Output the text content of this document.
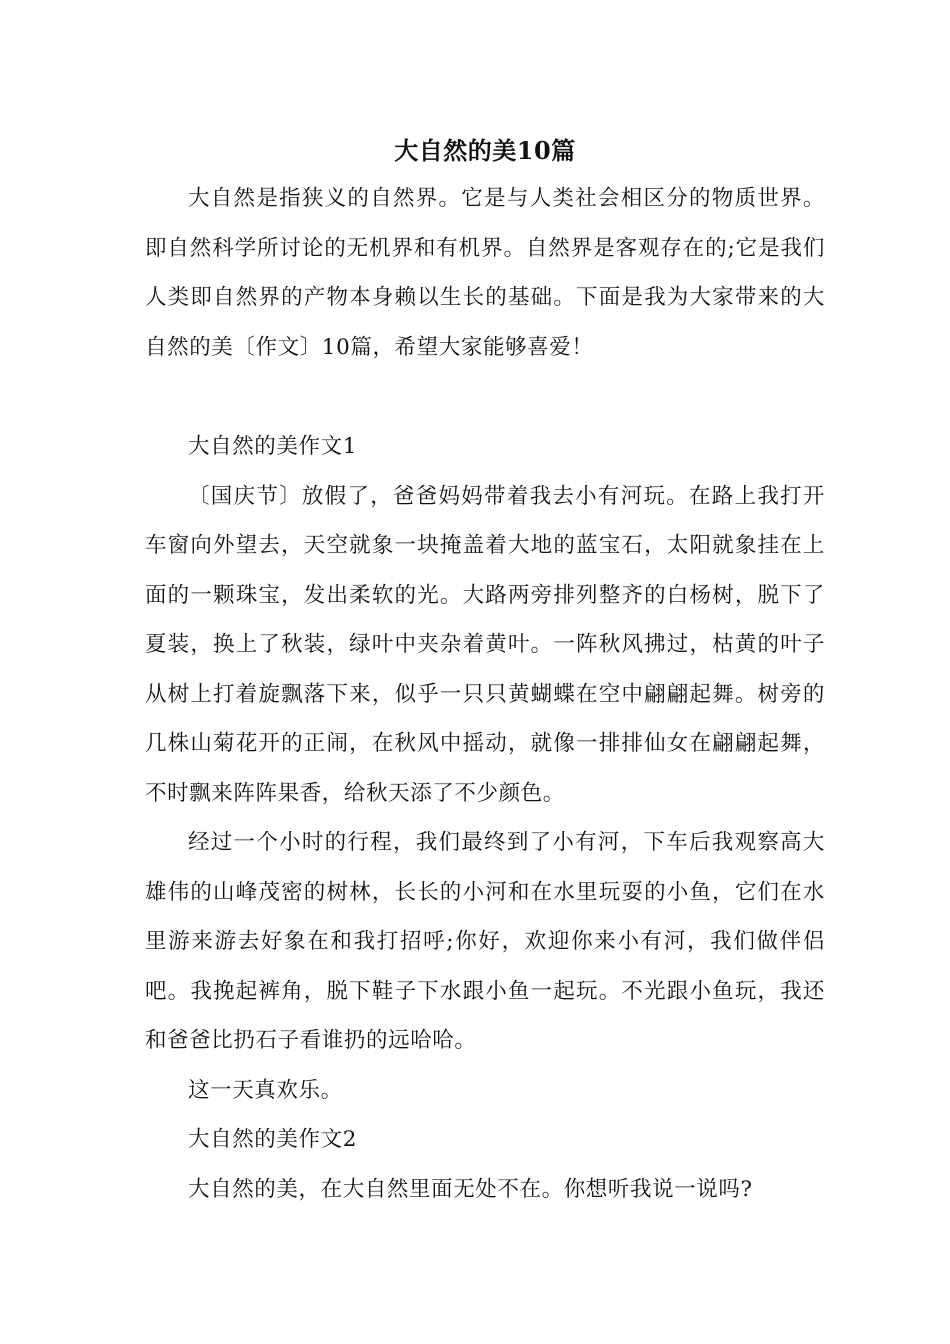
大自然的美10篇

大自然是指狭义的自然界。它是与人类社会相区分的物质世界。即自然科学所讨论的无机界和有机界。自然界是客观存在的;它是我们人类即自然界的产物本身赖以生长的基础。下面是我为大家带来的大自然的美〔作文〕10篇，希望大家能够喜爱！

大自然的美作文1

〔国庆节〕放假了，爸爸妈妈带着我去小有河玩。在路上我打开车窗向外望去，天空就象一块掩盖着大地的蓝宝石，太阳就象挂在上面的一颗珠宝，发出柔软的光。大路两旁排列整齐的白杨树，脱下了夏装，换上了秋装，绿叶中夹杂着黄叶。一阵秋风拂过，枯黄的叶子从树上打着旋飘落下来，似乎一只只黄蝴蝶在空中翩翩起舞。树旁的几株山菊花开的正闹，在秋风中摇动，就像一排排仙女在翩翩起舞，不时飘来阵阵果香，给秋天添了不少颜色。

经过一个小时的行程，我们最终到了小有河，下车后我观察高大雄伟的山峰茂密的树林，长长的小河和在水里玩耍的小鱼，它们在水里游来游去好象在和我打招呼;你好，欢迎你来小有河，我们做伴侣吧。我挽起裤角，脱下鞋子下水跟小鱼一起玩。不光跟小鱼玩，我还和爸爸比扔石子看谁扔的远哈哈。

这一天真欢乐。

大自然的美作文2

大自然的美，在大自然里面无处不在。你想听我说一说吗?
